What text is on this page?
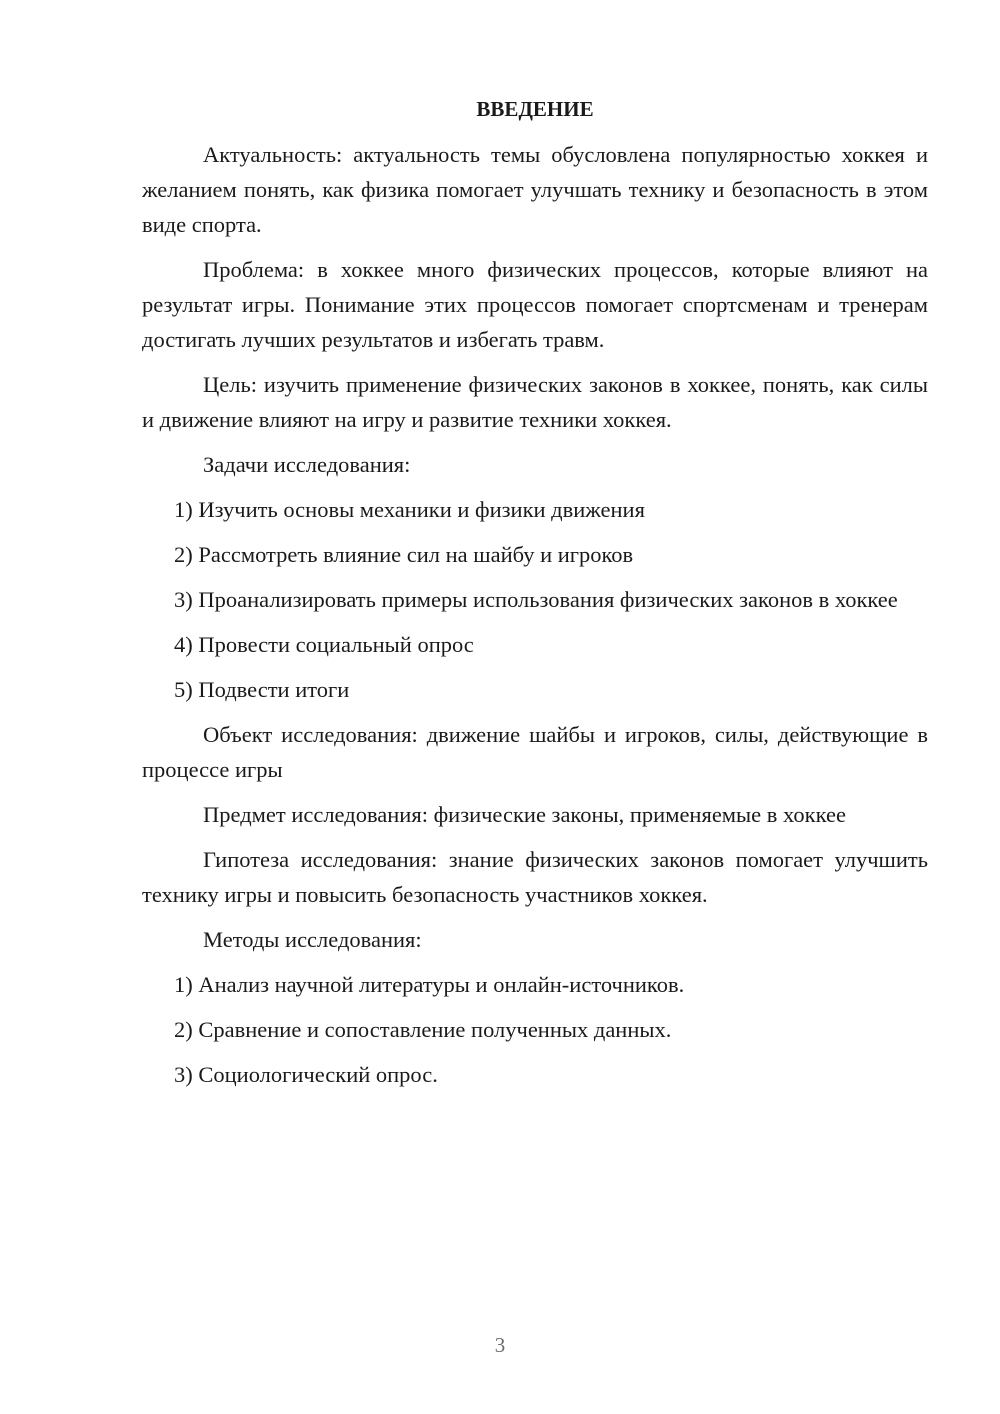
ВВЕДЕНИЕ

Актуальность: актуальность темы обусловлена популярностью хоккея и желанием понять, как физика помогает улучшать технику и безопасность в этом виде спорта.

Проблема: в хоккее много физических процессов, которые влияют на результат игры. Понимание этих процессов помогает спортсменам и тренерам достигать лучших результатов и избегать травм.

Цель: изучить применение физических законов в хоккее, понять, как силы и движение влияют на игру и развитие техники хоккея.

Задачи исследования:

1) Изучить основы механики и физики движения

2) Рассмотреть влияние сил на шайбу и игроков

3) Проанализировать примеры использования физических законов в хоккее

4) Провести социальный опрос

5) Подвести итоги

Объект исследования: движение шайбы и игроков, силы, действующие в процессе игры

Предмет исследования: физические законы, применяемые в хоккее

Гипотеза исследования: знание физических законов помогает улучшить технику игры и повысить безопасность участников хоккея.

Методы исследования:

1) Анализ научной литературы и онлайн-источников.

2) Сравнение и сопоставление полученных данных.

3) Социологический опрос.

3
